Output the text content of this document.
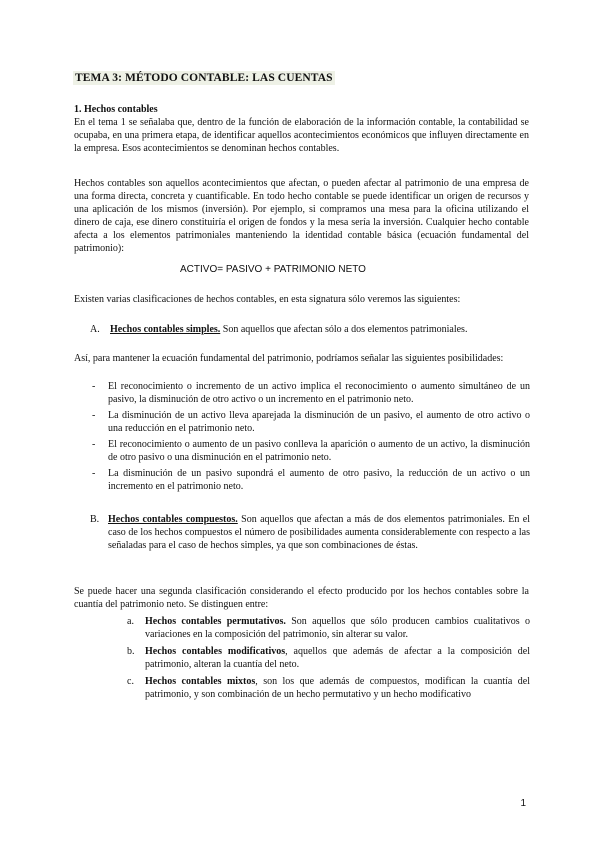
TEMA 3: MÉTODO CONTABLE: LAS CUENTAS
1. Hechos contables
En el tema 1 se señalaba que, dentro de la función de elaboración de la información contable, la contabilidad se ocupaba, en una primera etapa, de identificar aquellos acontecimientos económicos que influyen directamente en la empresa. Esos acontecimientos se denominan hechos contables.
Hechos contables son aquellos acontecimientos que afectan, o pueden afectar al patrimonio de una empresa de una forma directa, concreta y cuantificable. En todo hecho contable se puede identificar un origen de recursos y una aplicación de los mismos (inversión). Por ejemplo, si compramos una mesa para la oficina utilizando el dinero de caja, ese dinero constituiría el origen de fondos y la mesa sería la inversión. Cualquier hecho contable afecta a los elementos patrimoniales manteniendo la identidad contable básica (ecuación fundamental del patrimonio):
ACTIVO= PASIVO + PATRIMONIO NETO
Existen varias clasificaciones de hechos contables, en esta signatura sólo veremos las siguientes:
A. Hechos contables simples. Son aquellos que afectan sólo a dos elementos patrimoniales.
Así, para mantener la ecuación fundamental del patrimonio, podríamos señalar las siguientes posibilidades:
- El reconocimiento o incremento de un activo implica el reconocimiento o aumento simultáneo de un pasivo, la disminución de otro activo o un incremento en el patrimonio neto.
- La disminución de un activo lleva aparejada la disminución de un pasivo, el aumento de otro activo o una reducción en el patrimonio neto.
- El reconocimiento o aumento de un pasivo conlleva la aparición o aumento de un activo, la disminución de otro pasivo o una disminución en el patrimonio neto.
- La disminución de un pasivo supondrá el aumento de otro pasivo, la reducción de un activo o un incremento en el patrimonio neto.
B. Hechos contables compuestos. Son aquellos que afectan a más de dos elementos patrimoniales. En el caso de los hechos compuestos el número de posibilidades aumenta considerablemente con respecto a las señaladas para el caso de hechos simples, ya que son combinaciones de éstas.
Se puede hacer una segunda clasificación considerando el efecto producido por los hechos contables sobre la cuantía del patrimonio neto. Se distinguen entre:
a. Hechos contables permutativos. Son aquellos que sólo producen cambios cualitativos o variaciones en la composición del patrimonio, sin alterar su valor.
b. Hechos contables modificativos, aquellos que además de afectar a la composición del patrimonio, alteran la cuantía del neto.
c. Hechos contables mixtos, son los que además de compuestos, modifican la cuantía del patrimonio, y son combinación de un hecho permutativo y un hecho modificativo
1
